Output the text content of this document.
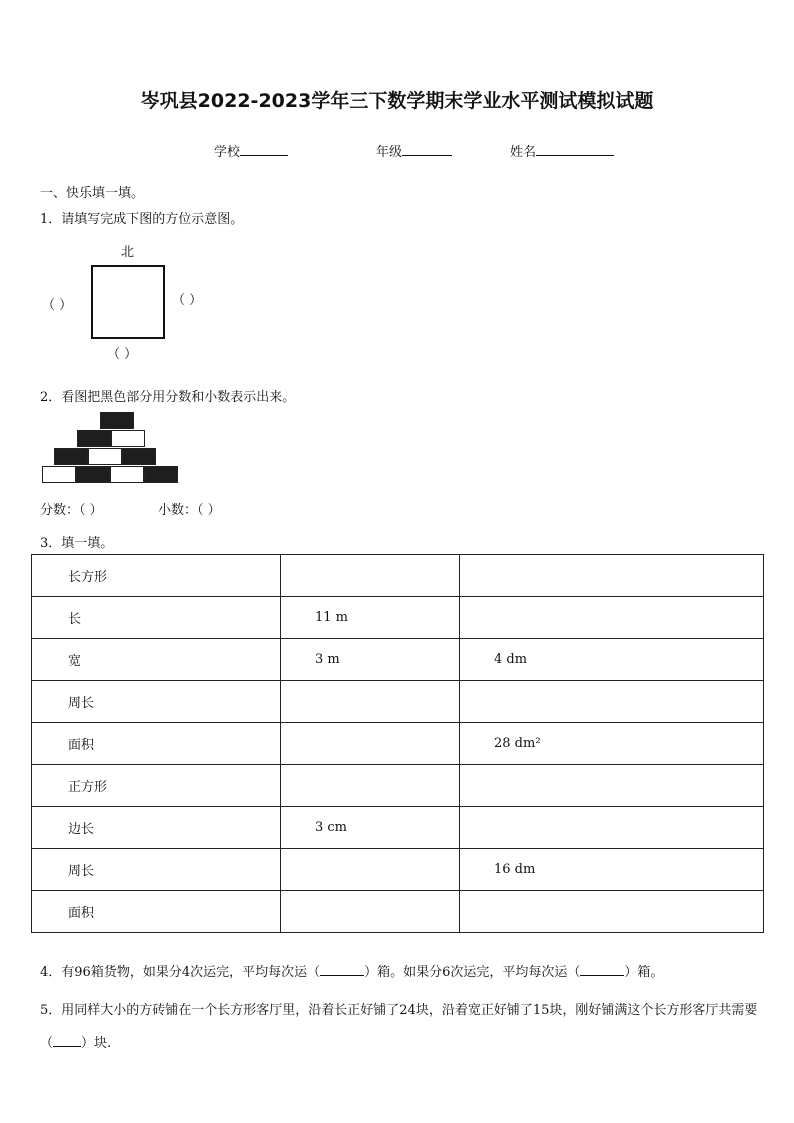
岑巩县2022-2023学年三下数学期末学业水平测试模拟试题
学校	年级	姓名
一、快乐填一填。
1．请填写完成下图的方位示意图。
北
（ ）	（ ）
（ ）
2．看图把黑色部分用分数和小数表示出来。
分数：（ ）	小数：（ ）
3．填一填。
长方形		
长	11 m	
宽	3 m	4 dm
周长		
面积		28 dm²
正方形		
边长	3 cm	
周长		16 dm
面积		
4．有96箱货物，如果分4次运完，平均每次运（	）箱。如果分6次运完，平均每次运（	）箱。
5．用同样大小的方砖铺在一个长方形客厅里，沿着长正好铺了24块，沿着宽正好铺了15块，刚好铺满这个长方形客厅共需要（ ）块.
